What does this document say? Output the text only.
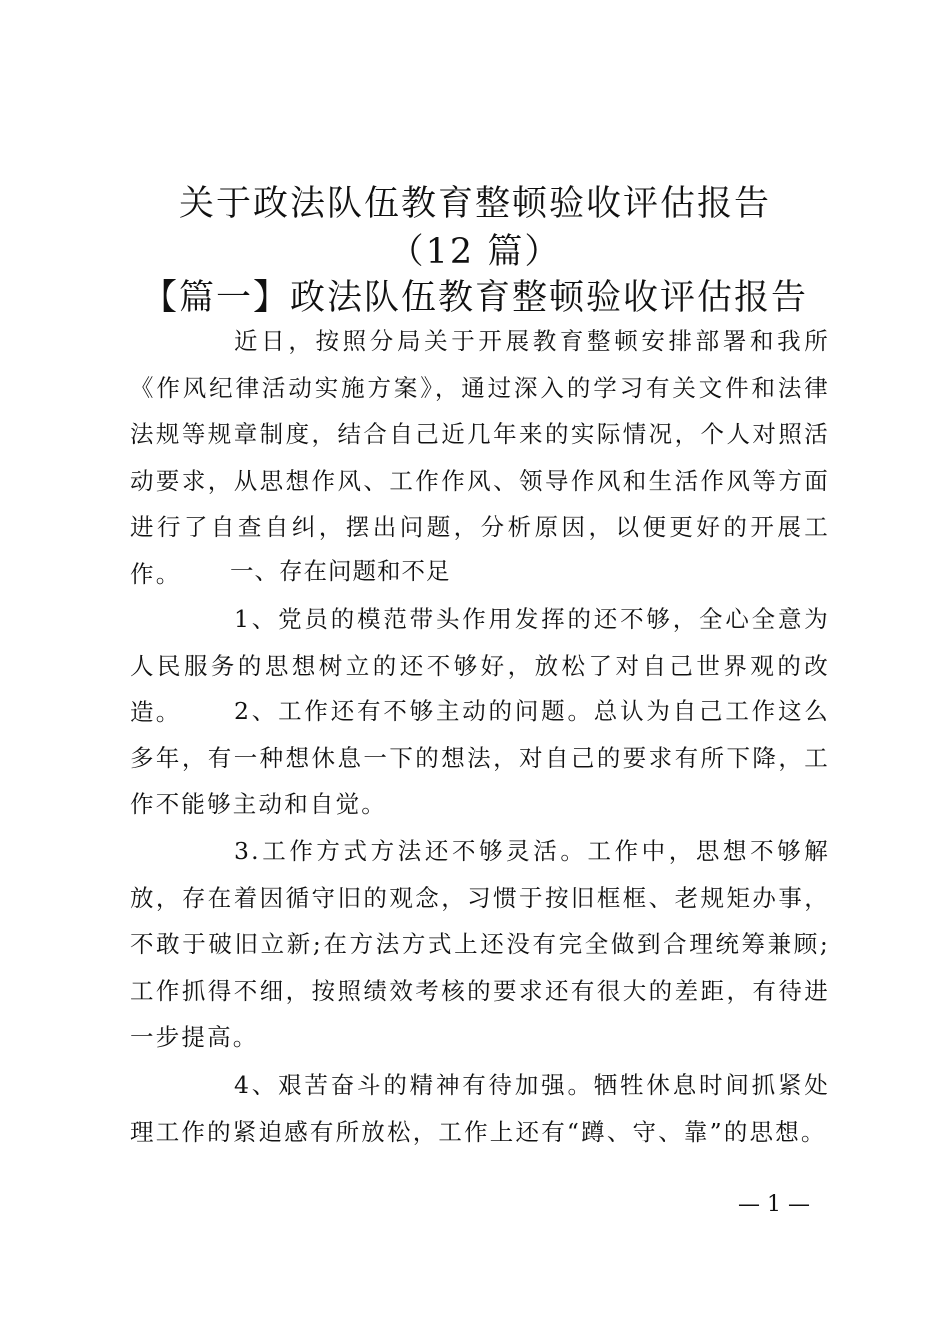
关于政法队伍教育整顿验收评估报告
（12 篇）
【篇一】政法队伍教育整顿验收评估报告

近日，按照分局关于开展教育整顿安排部署和我所《作风纪律活动实施方案》，通过深入的学习有关文件和法律法规等规章制度，结合自己近几年来的实际情况，个人对照活动要求，从思想作风、工作作风、领导作风和生活作风等方面进行了自查自纠，摆出问题，分析原因，以便更好的开展工作。	一、存在问题和不足

1、党员的模范带头作用发挥的还不够，全心全意为人民服务的思想树立的还不够好，放松了对自己世界观的改造。	2、工作还有不够主动的问题。总认为自己工作这么多年，有一种想休息一下的想法，对自己的要求有所下降，工作不能够主动和自觉。

3.工作方式方法还不够灵活。工作中，思想不够解放，存在着因循守旧的观念，习惯于按旧框框、老规矩办事，不敢于破旧立新;在方法方式上还没有完全做到合理统筹兼顾;工作抓得不细，按照绩效考核的要求还有很大的差距，有待进一步提高。

4、艰苦奋斗的精神有待加强。牺牲休息时间抓紧处理工作的紧迫感有所放松，工作上还有“蹲、守、靠”的思想。

— 1 —
